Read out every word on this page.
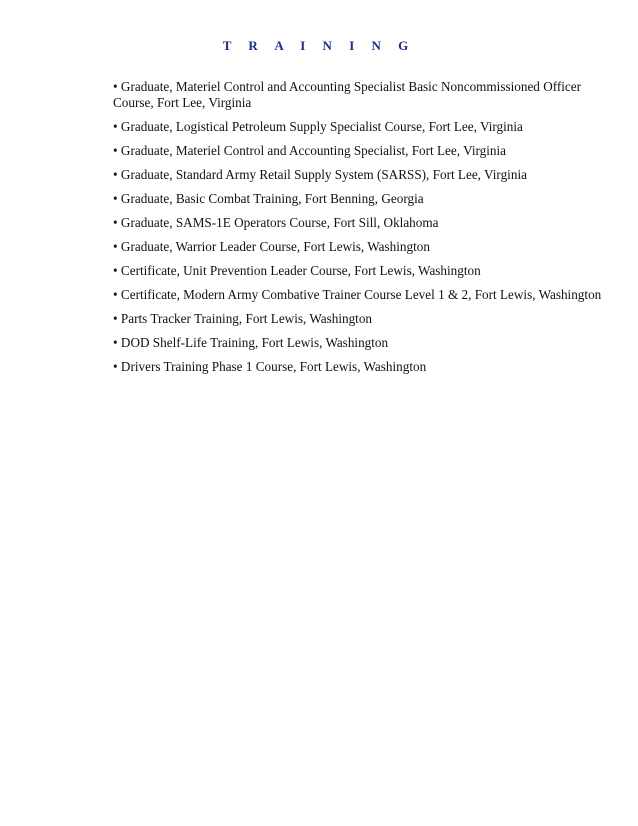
T R A I N I N G
• Graduate, Materiel Control and Accounting Specialist Basic Noncommissioned Officer Course, Fort Lee, Virginia
• Graduate, Logistical Petroleum Supply Specialist Course, Fort Lee, Virginia
• Graduate, Materiel Control and Accounting Specialist, Fort Lee, Virginia
• Graduate, Standard Army Retail Supply System (SARSS), Fort Lee, Virginia
• Graduate, Basic Combat Training, Fort Benning, Georgia
• Graduate, SAMS-1E Operators Course, Fort Sill, Oklahoma
• Graduate, Warrior Leader Course, Fort Lewis, Washington
• Certificate, Unit Prevention Leader Course, Fort Lewis, Washington
• Certificate, Modern Army Combative Trainer Course Level 1 & 2, Fort Lewis, Washington
• Parts Tracker Training, Fort Lewis, Washington
• DOD Shelf-Life Training, Fort Lewis, Washington
• Drivers Training Phase 1 Course, Fort Lewis, Washington
